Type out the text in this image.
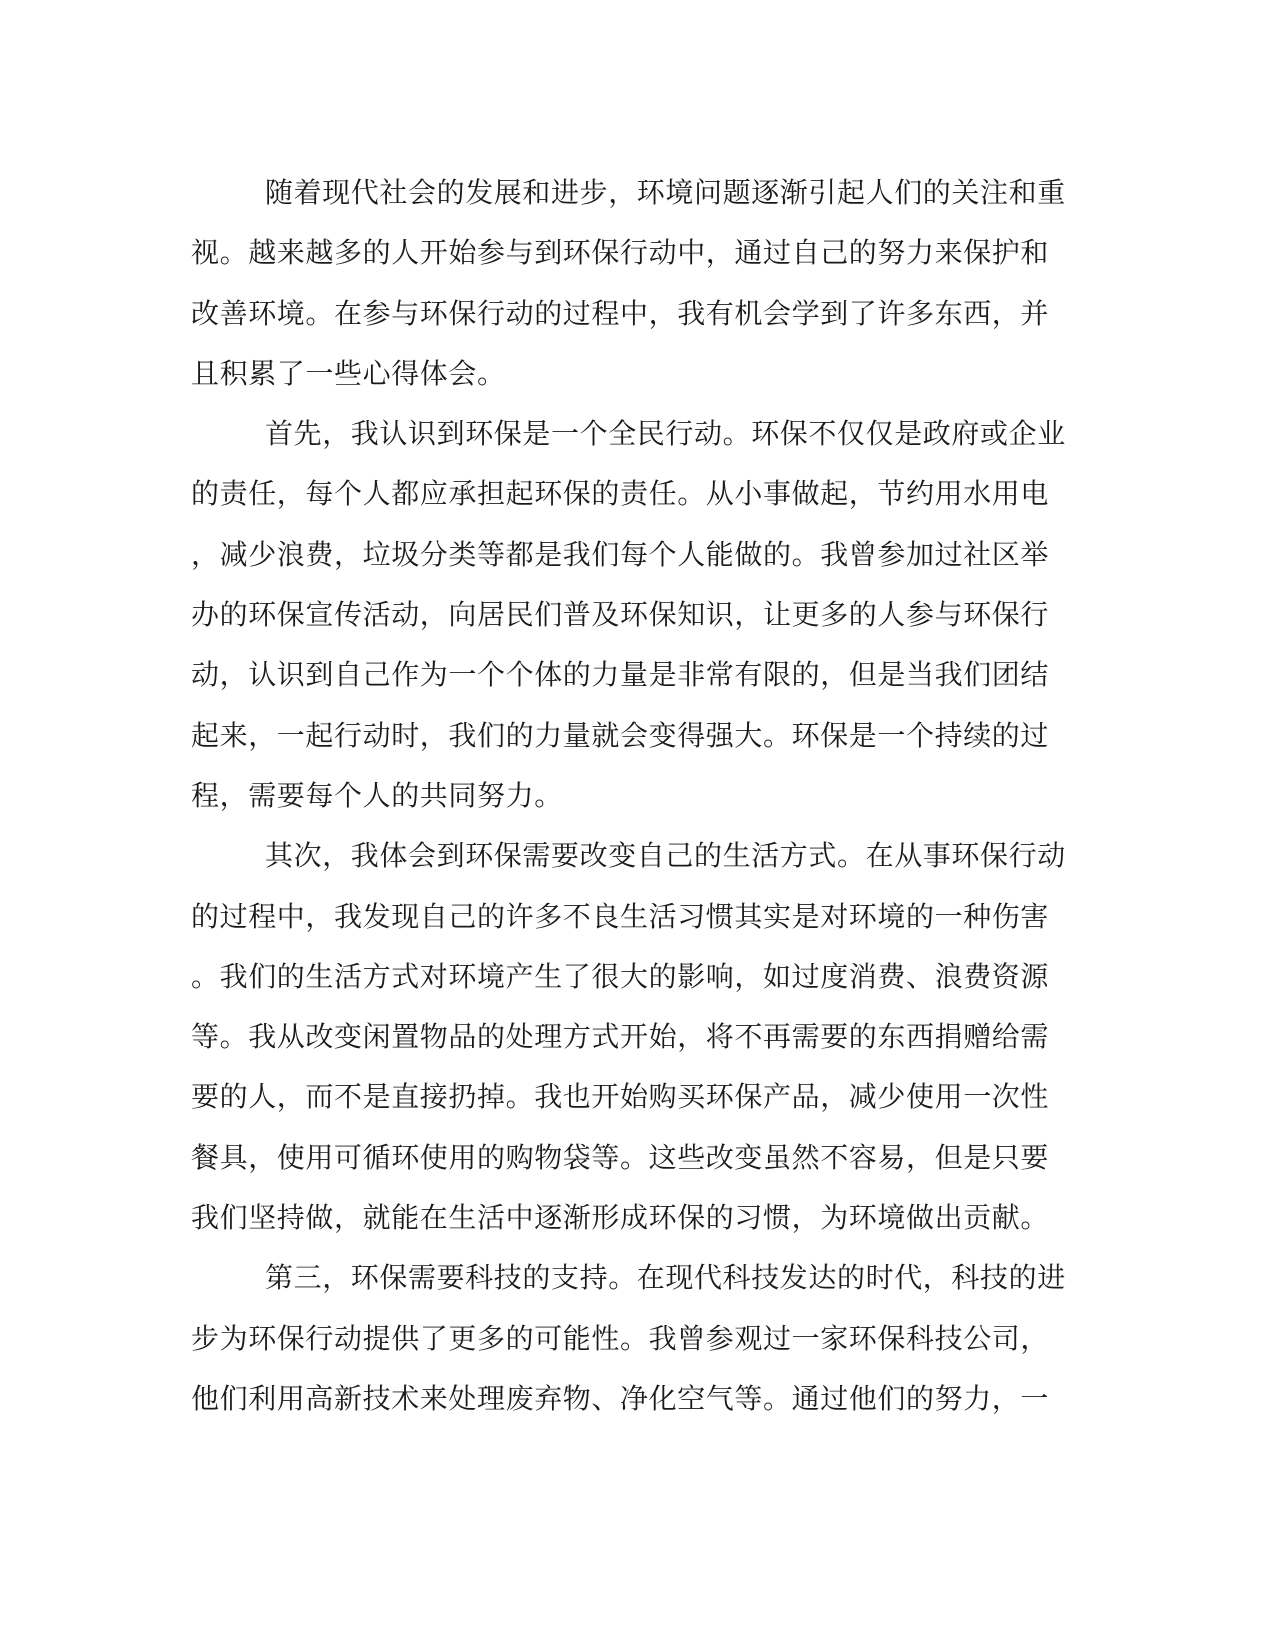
随着现代社会的发展和进步，环境问题逐渐引起人们的关注和重
视。越来越多的人开始参与到环保行动中，通过自己的努力来保护和
改善环境。在参与环保行动的过程中，我有机会学到了许多东西，并
且积累了一些心得体会。
首先，我认识到环保是一个全民行动。环保不仅仅是政府或企业
的责任，每个人都应承担起环保的责任。从小事做起，节约用水用电
，减少浪费，垃圾分类等都是我们每个人能做的。我曾参加过社区举
办的环保宣传活动，向居民们普及环保知识，让更多的人参与环保行
动，认识到自己作为一个个体的力量是非常有限的，但是当我们团结
起来，一起行动时，我们的力量就会变得强大。环保是一个持续的过
程，需要每个人的共同努力。
其次，我体会到环保需要改变自己的生活方式。在从事环保行动
的过程中，我发现自己的许多不良生活习惯其实是对环境的一种伤害
。我们的生活方式对环境产生了很大的影响，如过度消费、浪费资源
等。我从改变闲置物品的处理方式开始，将不再需要的东西捐赠给需
要的人，而不是直接扔掉。我也开始购买环保产品，减少使用一次性
餐具，使用可循环使用的购物袋等。这些改变虽然不容易，但是只要
我们坚持做，就能在生活中逐渐形成环保的习惯，为环境做出贡献。
第三，环保需要科技的支持。在现代科技发达的时代，科技的进
步为环保行动提供了更多的可能性。我曾参观过一家环保科技公司，
他们利用高新技术来处理废弃物、净化空气等。通过他们的努力，一
